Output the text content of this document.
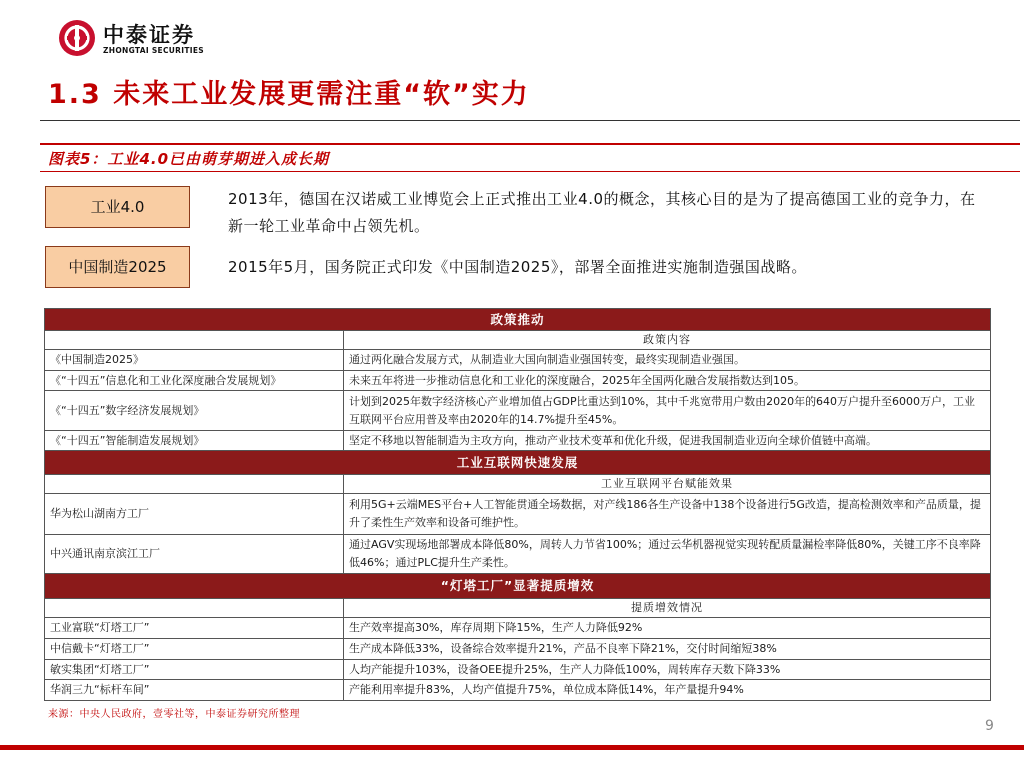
中泰证券
ZHONGTAI SECURITIES
1.3 未来工业发展更需注重“软”实力
图表5：工业4.0已由萌芽期进入成长期
工业4.0	2013年，德国在汉诺威工业博览会上正式推出工业4.0的概念，其核心目的是为了提高德国工业的竞争力，在新一轮工业革命中占领先机。
中国制造2025	2015年5月，国务院正式印发《中国制造2025》，部署全面推进实施制造强国战略。
政策推动	
	政策内容
《中国制造2025》	通过两化融合发展方式，从制造业大国向制造业强国转变，最终实现制造业强国。
《“十四五”信息化和工业化深度融合发展规划》	未来五年将进一步推动信息化和工业化的深度融合，2025年全国两化融合发展指数达到105。
《“十四五”数字经济发展规划》	计划到2025年数字经济核心产业增加值占GDP比重达到10%，其中千兆宽带用户数由2020年的640万户提升至6000万户，工业互联网平台应用普及率由2020年的14.7%提升至45%。
《“十四五”智能制造发展规划》	坚定不移地以智能制造为主攻方向，推动产业技术变革和优化升级，促进我国制造业迈向全球价值链中高端。
工业互联网快速发展	
	工业互联网平台赋能效果
华为松山湖南方工厂	利用5G+云端MES平台+人工智能贯通全场数据，对产线186各生产设备中138个设备进行5G改造，提高检测效率和产品质量，提升了柔性生产效率和设备可维护性。
中兴通讯南京滨江工厂	通过AGV实现场地部署成本降低80%，周转人力节省100%；通过云华机器视觉实现转配质量漏检率降低80%，关键工序不良率降低46%；通过PLC提升生产柔性。
“灯塔工厂”显著提质增效	
	提质增效情况
工业富联“灯塔工厂”	生产效率提高30%，库存周期下降15%，生产人力降低92%
中信戴卡“灯塔工厂”	生产成本降低33%，设备综合效率提升21%，产品不良率下降21%，交付时间缩短38%
敏实集团“灯塔工厂”	人均产能提升103%，设备OEE提升25%，生产人力降低100%，周转库存天数下降33%
华润三九“标杆车间”	产能利用率提升83%，人均产值提升75%，单位成本降低14%，年产量提升94%
来源：中央人民政府，壹零社等，中泰证券研究所整理
9
